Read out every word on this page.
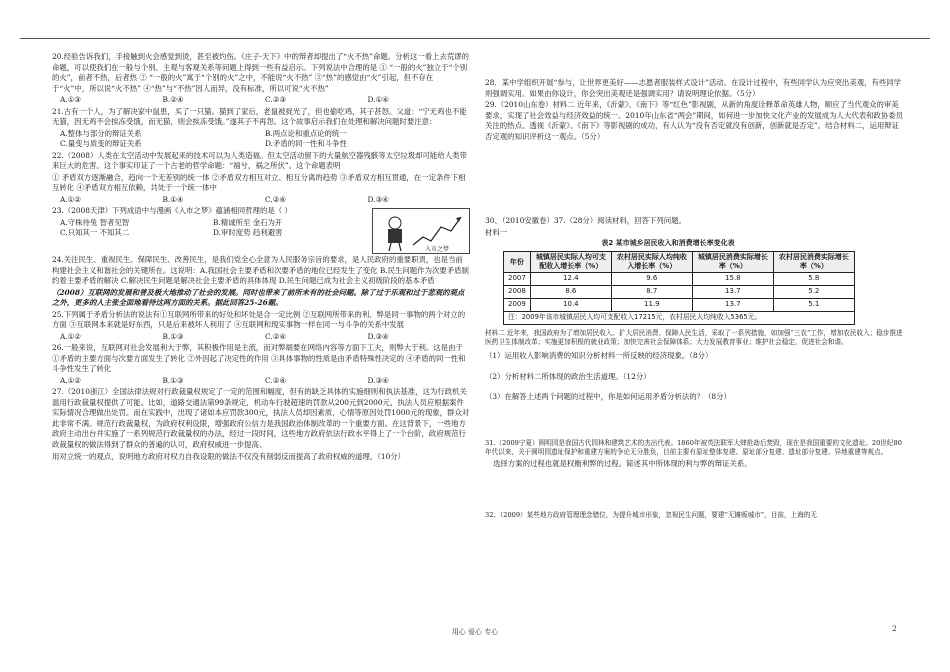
20.经验告诉我们，手接触到火会感觉到烫，甚至被灼伤。《庄子·天下》中的辩者却提出了“火不热”命题。分析这一看上去荒谬的命题，可以使我们在一般与个别、主观与客观关系等问题上得到一些有益启示。下列说法中合理的是 ① “一般的火”独立于“个别的火”，前者不热，后者热 ② “一般的火”寓于“个别的火”之中，不能说“火不热” ③“热”的感觉由“火”引起，但不存在于“火”中，所以说“火不热” ④“热”与“不热”因人而异，没有标准，所以可说“火不热”

A.①③	B.②④	C.②③	D.①④

21.古有一个人，为了解决家中鼠患，买了一只猫。猫到了家后，老鼠被捉光了，但也偷吃鸡，其子甚怒。父道：“宁无鸡也不能无猫，因无鸡不会挨冻受饿，而无猫，则会挨冻受饿。”遂其子不再怨。这个故事启示我们在处理和解决问题时要注意：

A.整体与部分的辩证关系	B.两点论和重点论的统一
C.量变与质变的辩证关系	D.矛盾的同一性和斗争性

22.（2008）人类在太空活动中发展起来的技术可以为人类造福。但太空活动留下的大量航空器残骸等太空垃圾却可能给人类带来巨大的危害。这个事实印证了一个古老的哲学命题：“福兮，祸之所伏”。这个命题表明

① 矛盾双方逐渐融合，趋向一个无差别的统一体 ②矛盾双方相互对立、相互分离的趋势 ③矛盾双方相互贯通，在一定条件下相互转化 ④矛盾双方相互依赖，共处于一个统一体中

A.①②	B.①④	C.②④	D.③④

23.（2008天津）下列成语中与漫画《入市之梦》蕴涵相同哲理的是（ ）

A.守株待兔 智者见智	B.精诚所至 金石为开
C.只知其一 不知其二	D.审时度势 趋利避害
入市之梦

24.关注民生、重视民生、保障民生、改善民生，是我们党全心全意为人民服务宗旨的要求，是人民政府的重要职责，也是当前构建社会主义和谐社会的关键所在。这说明：A.我国社会主要矛盾和次要矛盾的地位已经发生了变化 B.民生问题作为次要矛盾制约着主要矛盾的解决 C.解决民生问题是解决社会主要矛盾的具体体现 D.民生问题已成为社会主义初级阶段的基本矛盾

（2008）互联网的发展和普及极大地推动了社会的发展。同时也带来了前所未有的社会问题。除了过于乐观和过于悲观的观点之外，更多的人主张全面地看待这两方面的关系。据此回答25-26题。

25.下列属于矛盾分析法的说法有①互联网所带来的好处和坏处是合一定比例 ②互联网所带来的利、弊是同一事物的两个对立的方面 ③互联网本来就是好东西，只是后来被坏人利用了 ④互联网和现实事物一样在同一与斗争的关系中发展

A.①②	B.①③	C.②④	D.③④

26.一般来说，互联网对社会发展利大于弊，其积极作用是主流，而对弊端要在网络内容等方面下工夫，则弊大于利。这是由于 ①矛盾的主要方面与次要方面发生了转化 ②外因起了决定性的作用 ③具体事物的性质是由矛盾特殊性决定的 ④矛盾的同一性和斗争性发生了转化

A.①②	B.①③	C.②④	D.③④

27.（2010浙江）全国法律法规对行政裁量权规定了一定的范围和幅度，但有的缺乏具体的实施细则和执法基准，这为行政机关滥用行政裁量权提供了可能。比如，道路交通法第99条规定，机动车行驶超速的罚款从200元到2000元，执法人员应根据案件实际情况合理做出处罚。而在实践中，出现了诸如本应罚款300元，执法人员却因素质、心情等原因处罚1000元的现象，群众对此非常不满。规范行政裁量权，为政府权利设限，增强政府公信力是我国政治体制改革的一个重要方面。在这背景下，一些地方政府主动出台并实施了一系列规范行政裁量权的办法，经过一段时间，这些地方政府依法行政水平得上了一个台阶，政府规范行政裁量权的做法得到了群众的普遍的认可，政府权威进一步提高。

用对立统一的观点，说明地方政府对权力自我设限的做法不仅没有削弱反而提高了政府权威的道理。（10分）

28．某中学组织开展“参与，让世界更美好——志愿者服装样式设计”活动。在设计过程中，有些同学认为应突出美观，有些同学则强调实用。如果由你设计，你会突出美观还是强调实用？请说明理论依据。（5分）

29.（2010山东卷）材料二 近年来，《沂蒙》、《南下》等“红色”影视剧，从新的角度诠释革命英雄人物，顺应了当代观众的审美要求，实现了社会效益与经济效益的统一。2010年山东省“两会”期间，如何进一步加快文化产业的发展成为人大代表和政协委员关注的热点。透视《沂蒙》、《南下》等影视剧的成功，有人认为“没有否定就没有创新，创新就是否定”。结合材料二，运用辩证否定观的知识评析这一观点。（5分）

30、（2010安徽卷）37.（28分）阅读材料，回答下列问题。

材料一

表2 某市城乡居民收入和消费增长率变化表
年份	城镇居民实际人均可支配收入增长率（%）	农村居民实际人均纯收入增长率（%）	城镇居民消费实际增长率（%）	农村居民消费实际增长率（%）
2007	12.4	9.6	15.8	5.8
2008	8.6	8.7	13.7	5.2
2009	10.4	11.9	13.7	5.1
注：2009年该市城镇居民人均可支配收入17215元，农村居民人均纯收入5365元。				

材料二 近年来，我国政府为了增加居民收入、扩大居民消费、保障人民生活，采取了一系列措施，如加强“三农”工作，增加农民收入；稳步推进医药卫生体制改革；实施更加积极的就业政策；加快完善社会保障体系；大力发展教育事业；维护社会稳定，促进社会和谐。

（1）运用收入影响消费的知识分析材料一所反映的经济现象。（8分）

（2）分析材料二所体现的政治生活道理。（12分）

（3）在解答上述两个问题的过程中，你是如何运用矛盾分析法的？（8分）

31.（2009宁夏）圆明园是我国古代园林和建筑艺术的杰出代表。1860年被英法联军大肆抢劫后焚毁，现在是我国重要的文化遗址。20世纪80年代以来，关于圆明园遗址保护和重建方案的争论无分胜负，目前主要有原址整体复建、原址部分复建、遗址部分复建、异地重建等观点。

选择方案的过程也就是权衡利弊的过程。简述其中所体现的利与弊的辩证关系。

32、（2009）某些地方政府管理理念错位，为提升城市形象，忽视民生问题，要建“无摊贩城市”，目前，上海的无

用心 爱心 专心	2
